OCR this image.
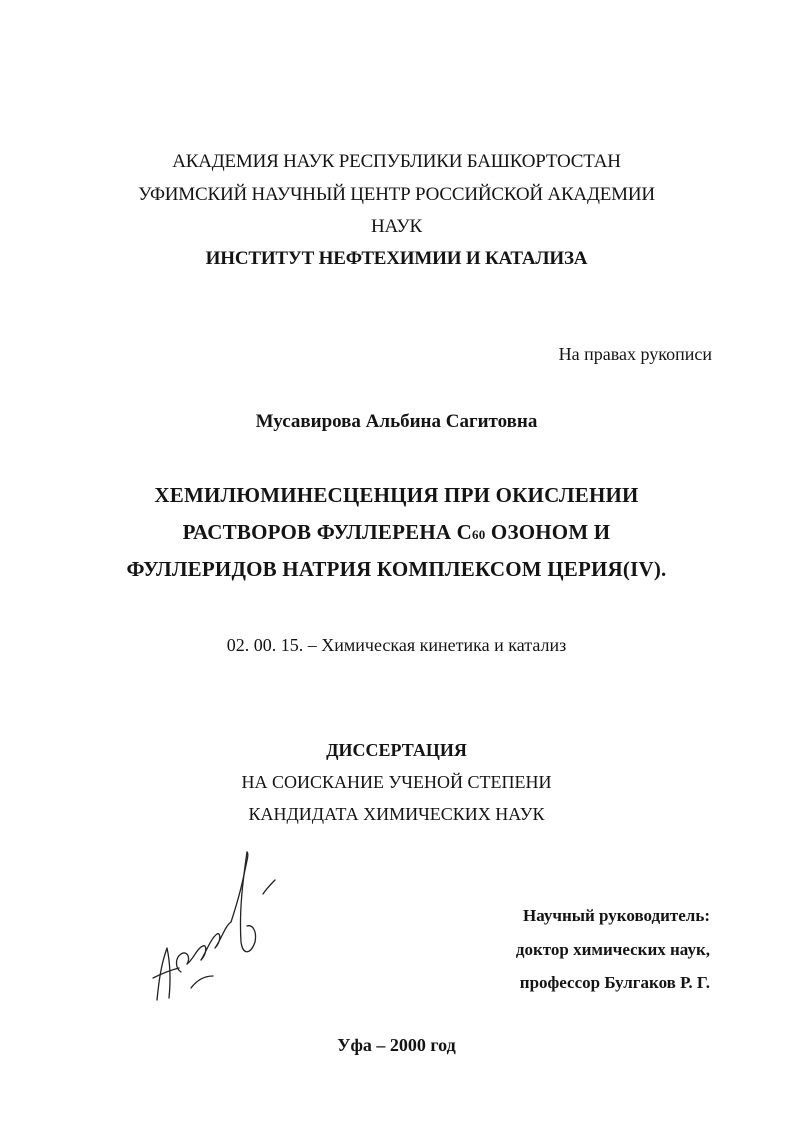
АКАДЕМИЯ НАУК РЕСПУБЛИКИ БАШКОРТОСТАН
УФИМСКИЙ НАУЧНЫЙ ЦЕНТР РОССИЙСКОЙ АКАДЕМИИ
НАУК
ИНСТИТУТ НЕФТЕХИМИИ И КАТАЛИЗА
На правах рукописи
Мусавирова Альбина Сагитовна
ХЕМИЛЮМИНЕСЦЕНЦИЯ ПРИ ОКИСЛЕНИИ
РАСТВОРОВ ФУЛЛЕРЕНА С60 ОЗОНОМ И
ФУЛЛЕРИДОВ НАТРИЯ КОМПЛЕКСОМ ЦЕРИЯ(IV).
02. 00. 15. – Химическая кинетика и катализ
ДИССЕРТАЦИЯ
НА СОИСКАНИЕ УЧЕНОЙ СТЕПЕНИ
КАНДИДАТА ХИМИЧЕСКИХ НАУК
Научный руководитель:
доктор химических наук,
профессор Булгаков Р. Г.
Уфа – 2000 год
